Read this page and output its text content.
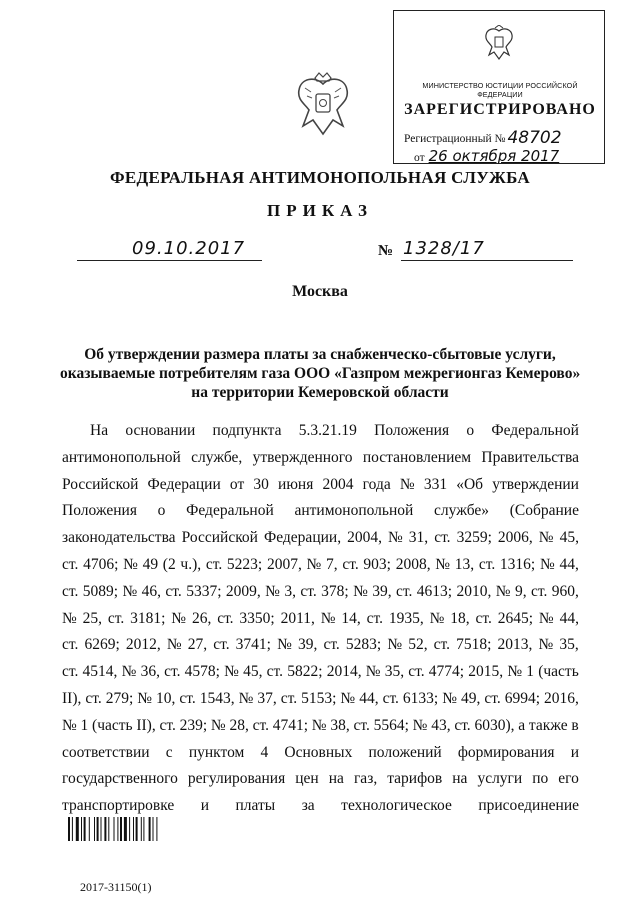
МИНИСТЕРСТВО ЮСТИЦИИ РОССИЙСКОЙ ФЕДЕРАЦИИ
ЗАРЕГИСТРИРОВАНО
Регистрационный № 48702
от 26 октября 2017
ФЕДЕРАЛЬНАЯ АНТИМОНОПОЛЬНАЯ СЛУЖБА
ПРИКАЗ
09.10.2017	№ 1328/17
Москва
Об утверждении размера платы за снабженческо-сбытовые услуги,
оказываемые потребителям газа ООО «Газпром межрегионгаз Кемерово»
на территории Кемеровской области
На основании подпункта 5.3.21.19 Положения о Федеральной
антимонопольной службе, утвержденного постановлением Правительства
Российской Федерации от 30 июня 2004 года № 331 «Об утверждении
Положения о Федеральной антимонопольной службе» (Собрание
законодательства Российской Федерации, 2004, № 31, ст. 3259; 2006, № 45,
ст. 4706; № 49 (2 ч.), ст. 5223; 2007, № 7, ст. 903; 2008, № 13, ст. 1316; № 44,
ст. 5089; № 46, ст. 5337; 2009, № 3, ст. 378; № 39, ст. 4613; 2010, № 9, ст. 960,
№ 25, ст. 3181; № 26, ст. 3350; 2011, № 14, ст. 1935, № 18, ст. 2645; № 44,
ст. 6269; 2012, № 27, ст. 3741; № 39, ст. 5283; № 52, ст. 7518; 2013, № 35,
ст. 4514, № 36, ст. 4578; № 45, ст. 5822; 2014, № 35, ст. 4774; 2015, № 1 (часть
II), ст. 279; № 10, ст. 1543, № 37, ст. 5153; № 44, ст. 6133; № 49, ст. 6994; 2016,
№ 1 (часть II), ст. 239; № 28, ст. 4741; № 38, ст. 5564; № 43, ст. 6030), а также в
соответствии с пунктом 4 Основных положений формирования и
государственного регулирования цен на газ, тарифов на услуги по его
транспортировке и платы за технологическое присоединение
2017-31150(1)
